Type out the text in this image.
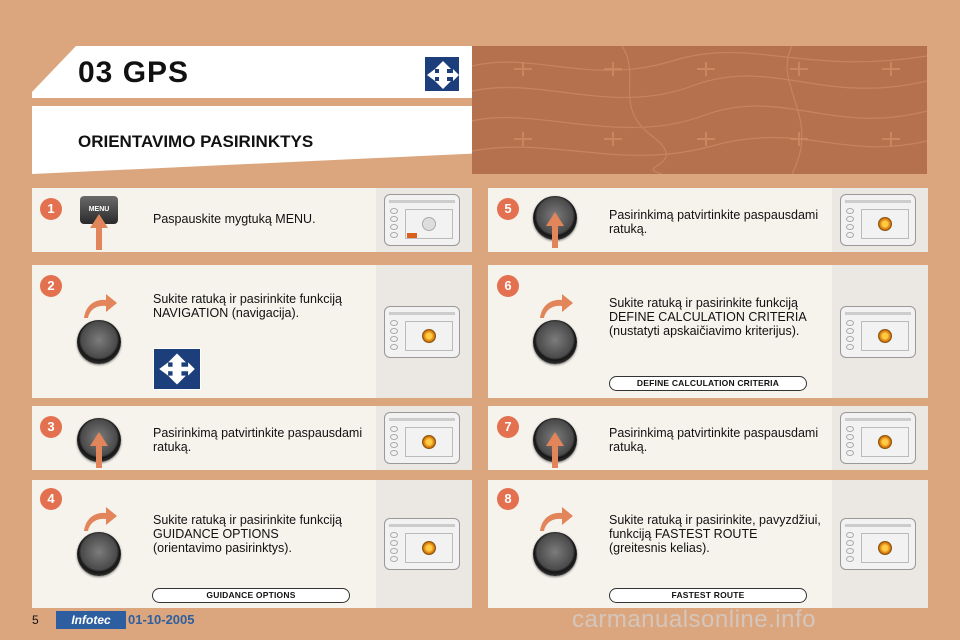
03 GPS
ORIENTAVIMO PASIRINKTYS
1	MENU
Paspauskite mygtuką MENU.
2
Sukite ratuką ir pasirinkite funkciją
NAVIGATION (navigacija).
3	Pasirinkimą patvirtinkite paspausdami
ratuką.
4
Sukite ratuką ir pasirinkite funkciją
GUIDANCE OPTIONS
(orientavimo pasirinktys).
GUIDANCE OPTIONS
5	Pasirinkimą patvirtinkite paspausdami
ratuką.
6
Sukite ratuką ir pasirinkite funkciją
DEFINE CALCULATION CRITERIA
(nustatyti apskaičiavimo kriterijus).
DEFINE CALCULATION CRITERIA
7	Pasirinkimą patvirtinkite paspausdami
ratuką.
8
Sukite ratuką ir pasirinkite, pavyzdžiui,
funkciją FASTEST ROUTE
(greitesnis kelias).
FASTEST ROUTE
5	Infotec	01-10-2005	carmanualsonline.info
